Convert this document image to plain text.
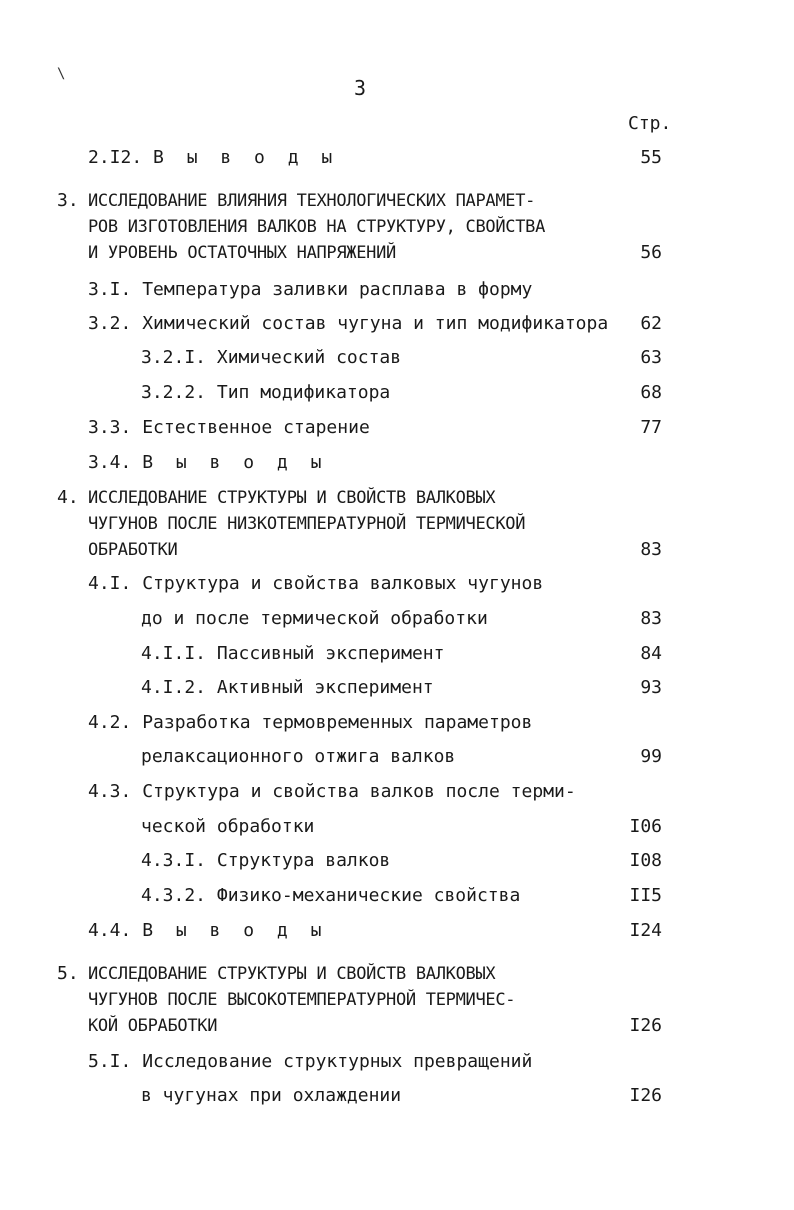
\
3
Стр.
2.I2. В ы в о д ы	55
3. ИССЛЕДОВАНИЕ ВЛИЯНИЯ ТЕХНОЛОГИЧЕСКИХ ПАРАМЕТ-
РОВ ИЗГОТОВЛЕНИЯ ВАЛКОВ НА СТРУКТУРУ, СВОЙСТВА
И УРОВЕНЬ ОСТАТОЧНЫХ НАПРЯЖЕНИЙ	56
3.I. Температура заливки расплава в форму
3.2. Химический состав чугуна и тип модификатора	62
3.2.I. Химический состав	63
3.2.2. Тип модификатора	68
3.3. Естественное старение	77
3.4. В ы в о д ы
4. ИССЛЕДОВАНИЕ СТРУКТУРЫ И СВОЙСТВ ВАЛКОВЫХ
ЧУГУНОВ ПОСЛЕ НИЗКОТЕМПЕРАТУРНОЙ ТЕРМИЧЕСКОЙ
ОБРАБОТКИ	83
4.I. Структура и свойства валковых чугунов
до и после термической обработки	83
4.I.I. Пассивный эксперимент	84
4.I.2. Активный эксперимент	93
4.2. Разработка термовременных параметров
релаксационного отжига валков	99
4.3. Структура и свойства валков после терми-
ческой обработки	I06
4.3.I. Структура валков	I08
4.3.2. Физико-механические свойства	II5
4.4. В ы в о д ы	I24
5. ИССЛЕДОВАНИЕ СТРУКТУРЫ И СВОЙСТВ ВАЛКОВЫХ
ЧУГУНОВ ПОСЛЕ ВЫСОКОТЕМПЕРАТУРНОЙ ТЕРМИЧЕС-
КОЙ ОБРАБОТКИ	I26
5.I. Исследование структурных превращений
в чугунах при охлаждении	I26
